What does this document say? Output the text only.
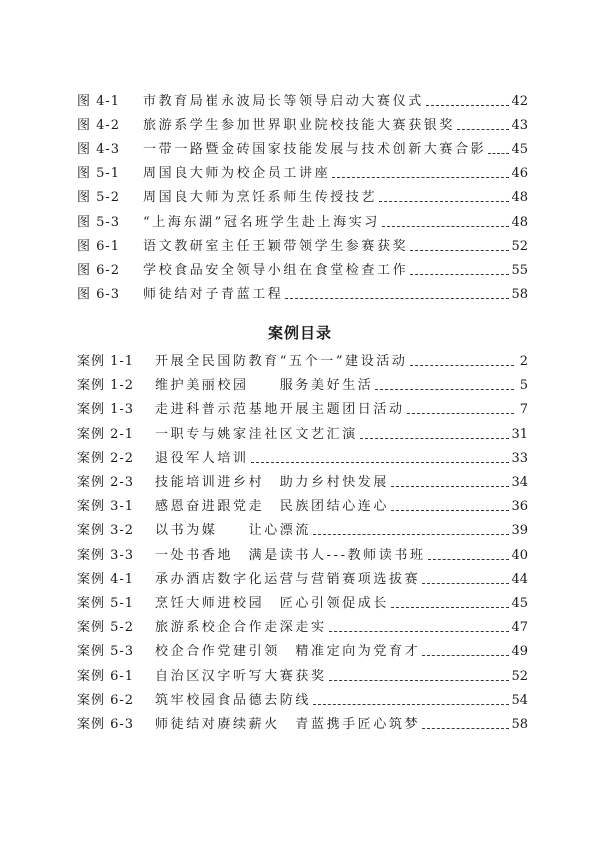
图 4-1	市教育局崔永波局长等领导启动大赛仪式	42
图 4-2	旅游系学生参加世界职业院校技能大赛获银奖	43
图 4-3	一带一路暨金砖国家技能发展与技术创新大赛合影 45
图 5-1	周国良大师为校企员工讲座	46
图 5-2	周国良大师为烹饪系师生传授技艺	48
图 5-3	“上海东湖”冠名班学生赴上海实习	48
图 6-1	语文教研室主任王颖带领学生参赛获奖	52
图 6-2	学校食品安全领导小组在食堂检查工作	55
图 6-3	师徒结对子青蓝工程	58
案例目录
案例 1-1	开展全民国防教育“五个一”建设活动	2
案例 1-2	维护美丽校园　　服务美好生活	5
案例 1-3	走进科普示范基地开展主题团日活动	7
案例 2-1	一职专与姚家洼社区文艺汇演	31
案例 2-2	退役军人培训	33
案例 2-3	技能培训进乡村　助力乡村快发展	34
案例 3-1	感恩奋进跟党走　民族团结心连心	36
案例 3-2	以书为媒　　让心漂流	39
案例 3-3	一处书香地　满是读书人---教师读书班	40
案例 4-1	承办酒店数字化运营与营销赛项选拔赛	44
案例 5-1	烹饪大师进校园　匠心引领促成长	45
案例 5-2	旅游系校企合作走深走实	47
案例 5-3	校企合作党建引领　精准定向为党育才	49
案例 6-1	自治区汉字听写大赛获奖	52
案例 6-2	筑牢校园食品德去防线	54
案例 6-3	师徒结对赓续薪火　青蓝携手匠心筑梦	58
